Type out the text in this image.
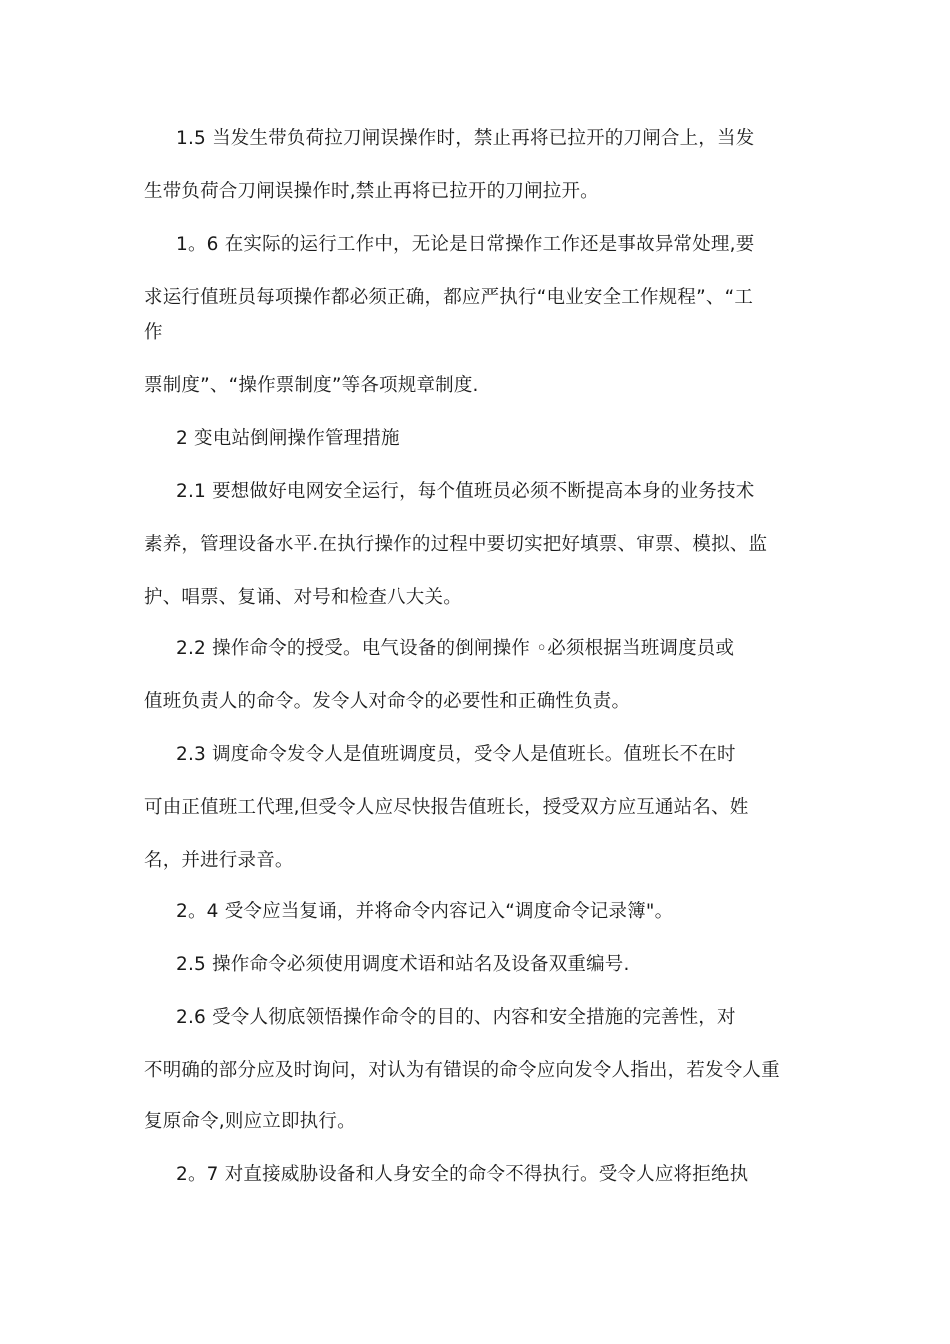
1.5 当发生带负荷拉刀闸误操作时，禁止再将已拉开的刀闸合上，当发
生带负荷合刀闸误操作时,禁止再将已拉开的刀闸拉开。
1。6 在实际的运行工作中，无论是日常操作工作还是事故异常处理,要
求运行值班员每项操作都必须正确，都应严执行“电业安全工作规程”、“工
作
票制度”、“操作票制度”等各项规章制度.
2 变电站倒闸操作管理措施
2.1 要想做好电网安全运行，每个值班员必须不断提高本身的业务技术
素养，管理设备水平.在执行操作的过程中要切实把好填票、审票、模拟、监
护、唱票、复诵、对号和检查八大关。
2.2 操作命令的授受。电气设备的倒闸操作 ◦必须根据当班调度员或
值班负责人的命令。发令人对命令的必要性和正确性负责。
2.3 调度命令发令人是值班调度员，受令人是值班长。值班长不在时
可由正值班工代理,但受令人应尽快报告值班长，授受双方应互通站名、姓
名，并进行录音。
2。4 受令应当复诵，并将命令内容记入“调度命令记录簿"。
2.5 操作命令必须使用调度术语和站名及设备双重编号.
2.6 受令人彻底领悟操作命令的目的、内容和安全措施的完善性，对
不明确的部分应及时询问，对认为有错误的命令应向发令人指出，若发令人重
复原命令,则应立即执行。
2。7 对直接威胁设备和人身安全的命令不得执行。受令人应将拒绝执
